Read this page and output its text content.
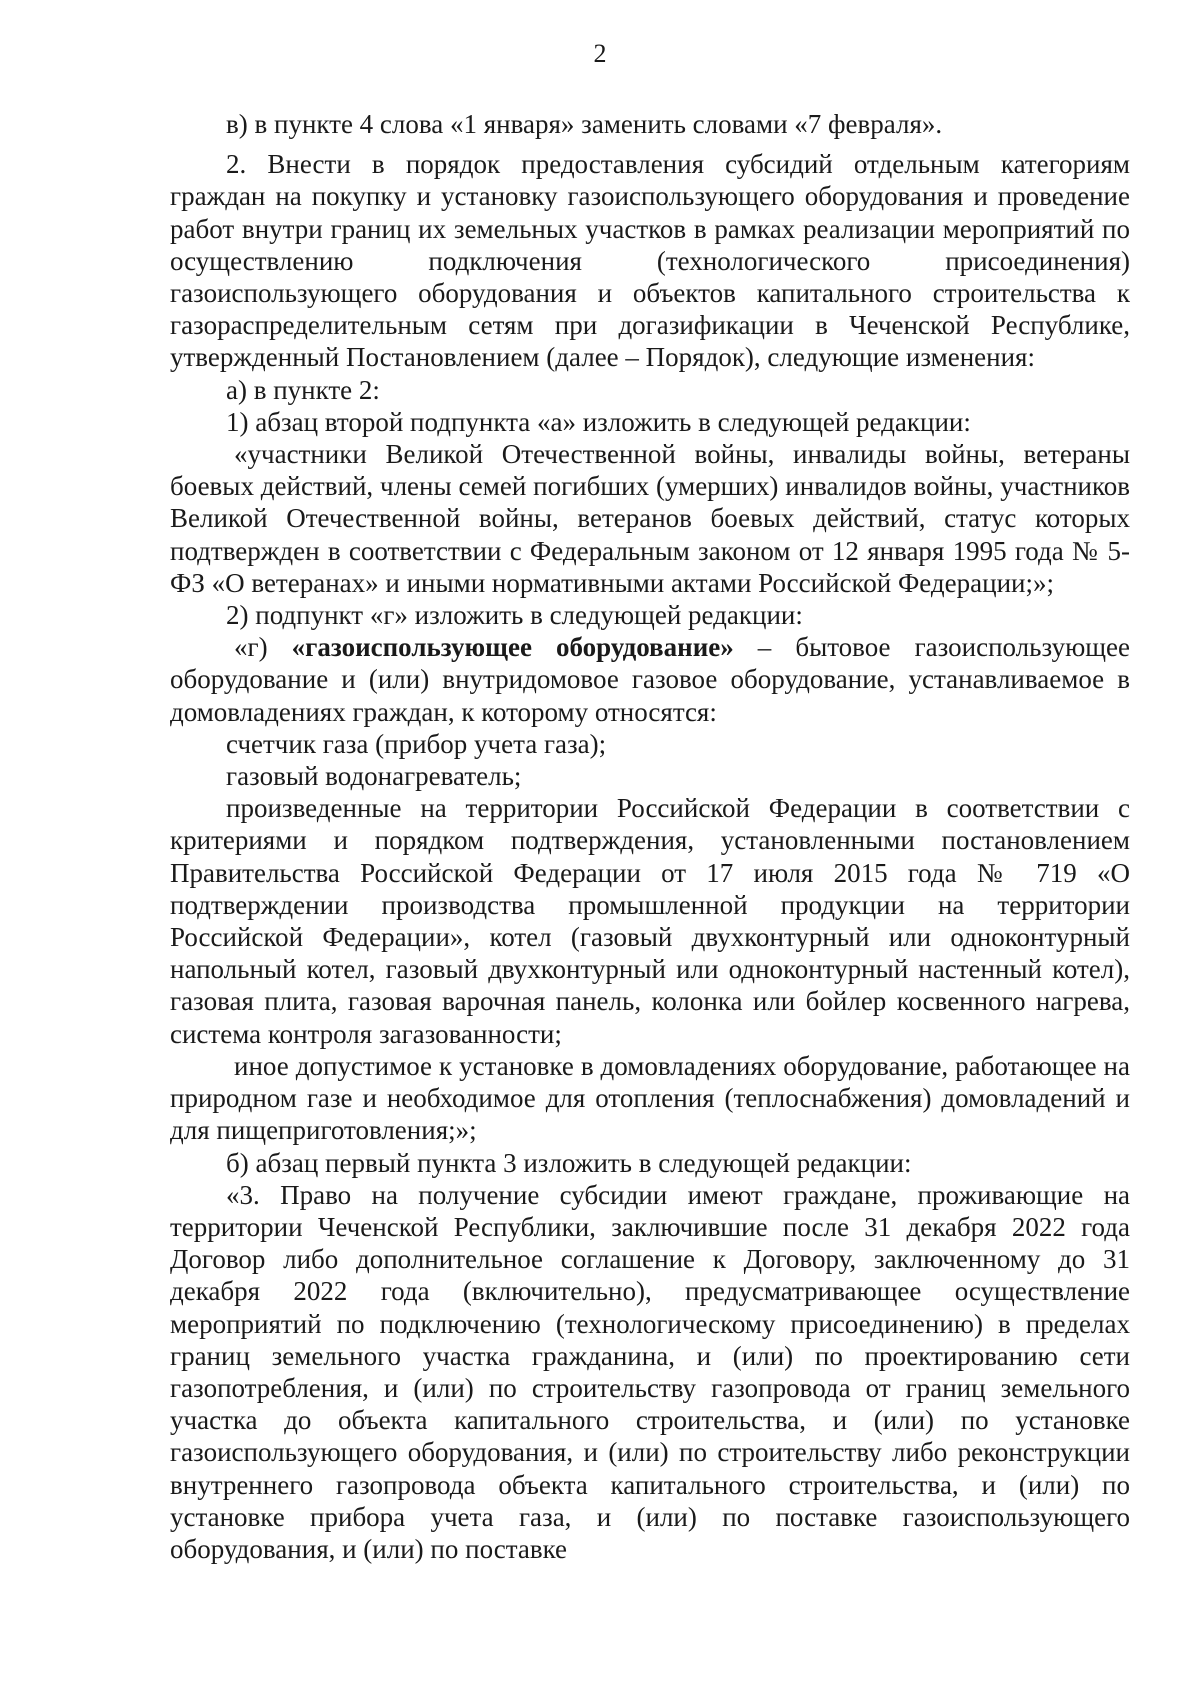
2

в) в пункте 4 слова «1 января» заменить словами «7 февраля».

2. Внести в порядок предоставления субсидий отдельным категориям граждан на покупку и установку газоиспользующего оборудования и проведение работ внутри границ их земельных участков в рамках реализации мероприятий по осуществлению подключения (технологического присоединения) газоиспользующего оборудования и объектов капитального строительства к газораспределительным сетям при догазификации в Чеченской Республике, утвержденный Постановлением (далее – Порядок), следующие изменения:

а) в пункте 2:

1) абзац второй подпункта «а» изложить в следующей редакции:

«участники Великой Отечественной войны, инвалиды войны, ветераны боевых действий, члены семей погибших (умерших) инвалидов войны, участников Великой Отечественной войны, ветеранов боевых действий, статус которых подтвержден в соответствии с Федеральным законом от 12 января 1995 года № 5-ФЗ «О ветеранах» и иными нормативными актами Российской Федерации;»;

2) подпункт «г» изложить в следующей редакции:

«г) «газоиспользующее оборудование» – бытовое газоиспользующее оборудование и (или) внутридомовое газовое оборудование, устанавливаемое в домовладениях граждан, к которому относятся:

счетчик газа (прибор учета газа);

газовый водонагреватель;

произведенные на территории Российской Федерации в соответствии с критериями и порядком подтверждения, установленными постановлением Правительства Российской Федерации от 17 июля 2015 года № 719 «О подтверждении производства промышленной продукции на территории Российской Федерации», котел (газовый двухконтурный или одноконтурный напольный котел, газовый двухконтурный или одноконтурный настенный котел), газовая плита, газовая варочная панель, колонка или бойлер косвенного нагрева, система контроля загазованности;

иное допустимое к установке в домовладениях оборудование, работающее на природном газе и необходимое для отопления (теплоснабжения) домовладений и для пищеприготовления;»;

б) абзац первый пункта 3 изложить в следующей редакции:

«3. Право на получение субсидии имеют граждане, проживающие на территории Чеченской Республики, заключившие после 31 декабря 2022 года Договор либо дополнительное соглашение к Договору, заключенному до 31 декабря 2022 года (включительно), предусматривающее осуществление мероприятий по подключению (технологическому присоединению) в пределах границ земельного участка гражданина, и (или) по проектированию сети газопотребления, и (или) по строительству газопровода от границ земельного участка до объекта капитального строительства, и (или) по установке газоиспользующего оборудования, и (или) по строительству либо реконструкции внутреннего газопровода объекта капитального строительства, и (или) по установке прибора учета газа, и (или) по поставке газоиспользующего оборудования, и (или) по поставке
